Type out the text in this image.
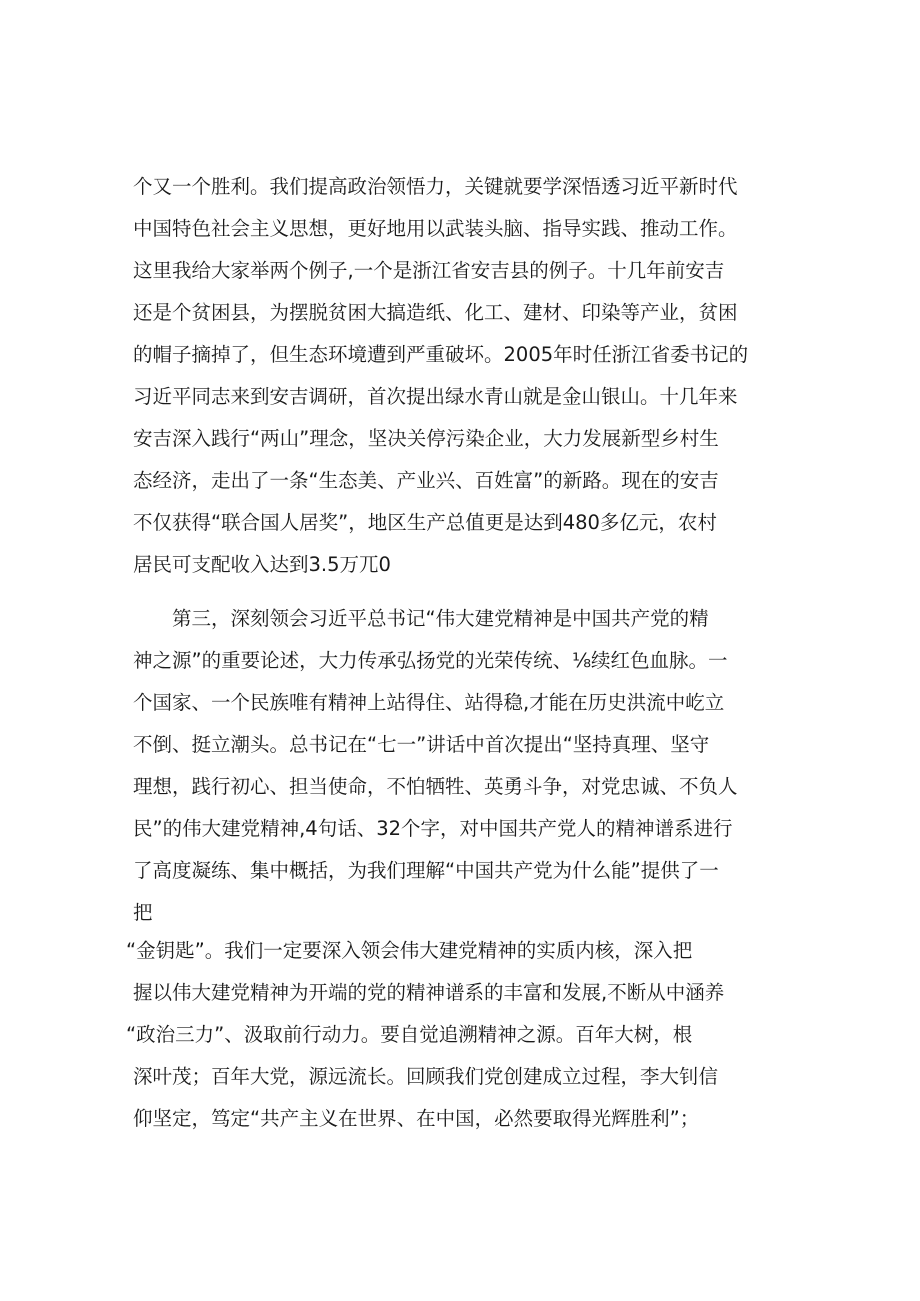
个又一个胜利。我们提高政治领悟力，关键就要学深悟透习近平新时代
中国特色社会主义思想，更好地用以武装头脑、指导实践、推动工作。
这里我给大家举两个例子,一个是浙江省安吉县的例子。十几年前安吉
还是个贫困县，为摆脱贫困大搞造纸、化工、建材、印染等产业，贫困
的帽子摘掉了，但生态环境遭到严重破坏。2005年时任浙江省委书记的
习近平同志来到安吉调研，首次提出绿水青山就是金山银山。十几年来
安吉深入践行“两山”理念，坚决关停污染企业，大力发展新型乡村生
态经济，走出了一条“生态美、产业兴、百姓富”的新路。现在的安吉
不仅获得“联合国人居奖”，地区生产总值更是达到480多亿元，农村
居民可支配收入达到3.5万兀0
第三，深刻领会习近平总书记“伟大建党精神是中国共产党的精
神之源”的重要论述，大力传承弘扬党的光荣传统、⅛续红色血脉。一
个国家、一个民族唯有精神上站得住、站得稳,才能在历史洪流中屹立
不倒、挺立潮头。总书记在“七一”讲话中首次提出“坚持真理、坚守
理想，践行初心、担当使命，不怕牺牲、英勇斗争，对党忠诚、不负人
民”的伟大建党精神,4句话、32个字，对中国共产党人的精神谱系进行
了高度凝练、集中概括，为我们理解“中国共产党为什么能”提供了一
把
“金钥匙”。我们一定要深入领会伟大建党精神的实质内核，深入把
握以伟大建党精神为开端的党的精神谱系的丰富和发展,不断从中涵养
“政治三力”、汲取前行动力。要自觉追溯精神之源。百年大树，根
深叶茂；百年大党，源远流长。回顾我们党创建成立过程，李大钊信
仰坚定，笃定“共产主义在世界、在中国，必然要取得光辉胜利”；
